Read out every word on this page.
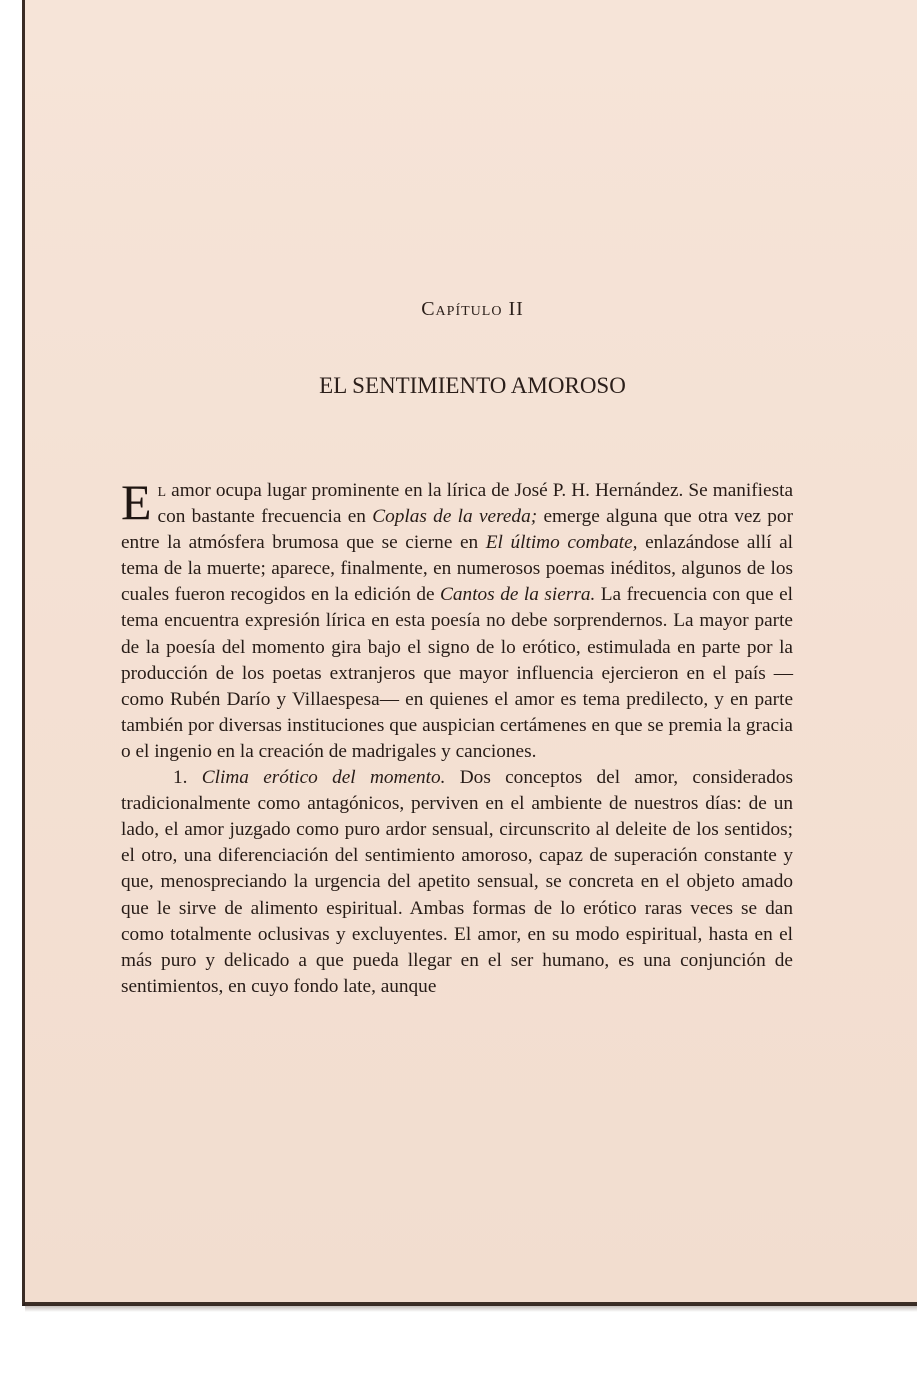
Capítulo II
EL SENTIMIENTO AMOROSO

El amor ocupa lugar prominente en la lírica de José P. H. Hernández. Se manifiesta con bastante frecuencia en Coplas de la vereda; emerge alguna que otra vez por entre la atmósfera brumosa que se cierne en El último combate, enlazándose allí al tema de la muerte; aparece, finalmente, en numerosos poemas inéditos, algunos de los cuales fueron recogidos en la edición de Cantos de la sierra. La frecuencia con que el tema encuentra expresión lírica en esta poesía no debe sorprendernos. La mayor parte de la poesía del momento gira bajo el signo de lo erótico, estimulada en parte por la producción de los poetas extranjeros que mayor influencia ejercieron en el país —como Rubén Darío y Villaespesa— en quienes el amor es tema predilecto, y en parte también por diversas instituciones que auspician certámenes en que se premia la gracia o el ingenio en la creación de madrigales y canciones.

1. Clima erótico del momento. Dos conceptos del amor, considerados tradicionalmente como antagónicos, perviven en el ambiente de nuestros días: de un lado, el amor juzgado como puro ardor sensual, circunscrito al deleite de los sentidos; el otro, una diferenciación del sentimiento amoroso, capaz de superación constante y que, menospreciando la urgencia del apetito sensual, se concreta en el objeto amado que le sirve de alimento espiritual. Ambas formas de lo erótico raras veces se dan como totalmente oclusivas y excluyentes. El amor, en su modo espiritual, hasta en el más puro y delicado a que pueda llegar en el ser humano, es una conjunción de sentimientos, en cuyo fondo late, aunque
